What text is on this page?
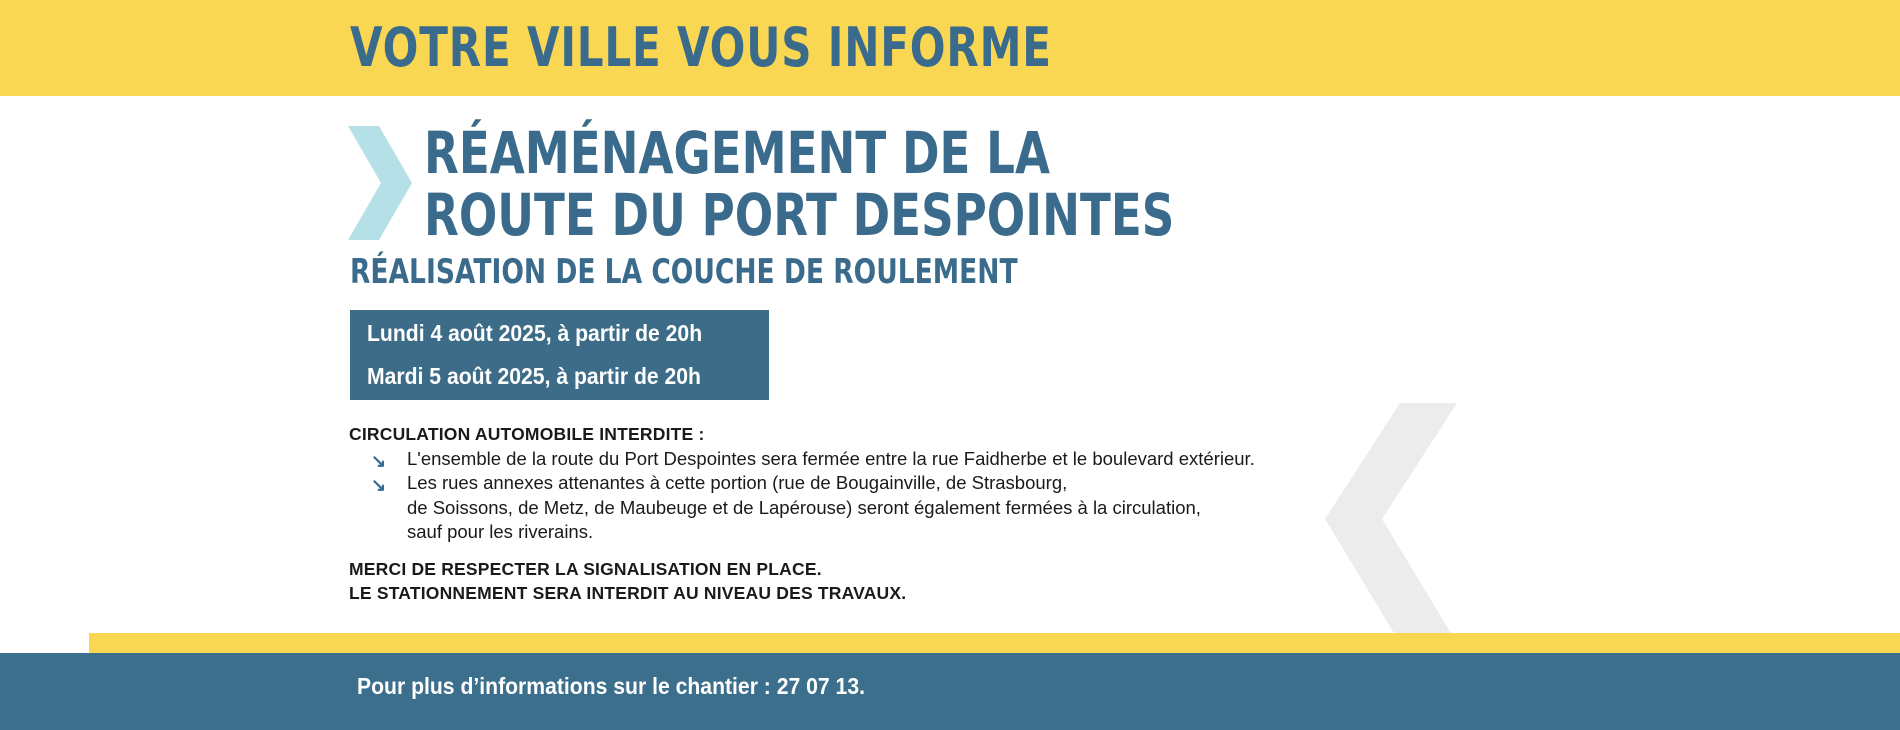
VOTRE VILLE VOUS INFORME
RÉAMÉNAGEMENT DE LA
ROUTE DU PORT DESPOINTES
RÉALISATION DE LA COUCHE DE ROULEMENT
Lundi 4 août 2025, à partir de 20h
Mardi 5 août 2025, à partir de 20h
CIRCULATION AUTOMOBILE INTERDITE :
↘ L'ensemble de la route du Port Despointes sera fermée entre la rue Faidherbe et le boulevard extérieur.
↘ Les rues annexes attenantes à cette portion (rue de Bougainville, de Strasbourg,
de Soissons, de Metz, de Maubeuge et de Lapérouse) seront également fermées à la circulation,
sauf pour les riverains.
MERCI DE RESPECTER LA SIGNALISATION EN PLACE.
LE STATIONNEMENT SERA INTERDIT AU NIVEAU DES TRAVAUX.
Pour plus d’informations sur le chantier : 27 07 13.
